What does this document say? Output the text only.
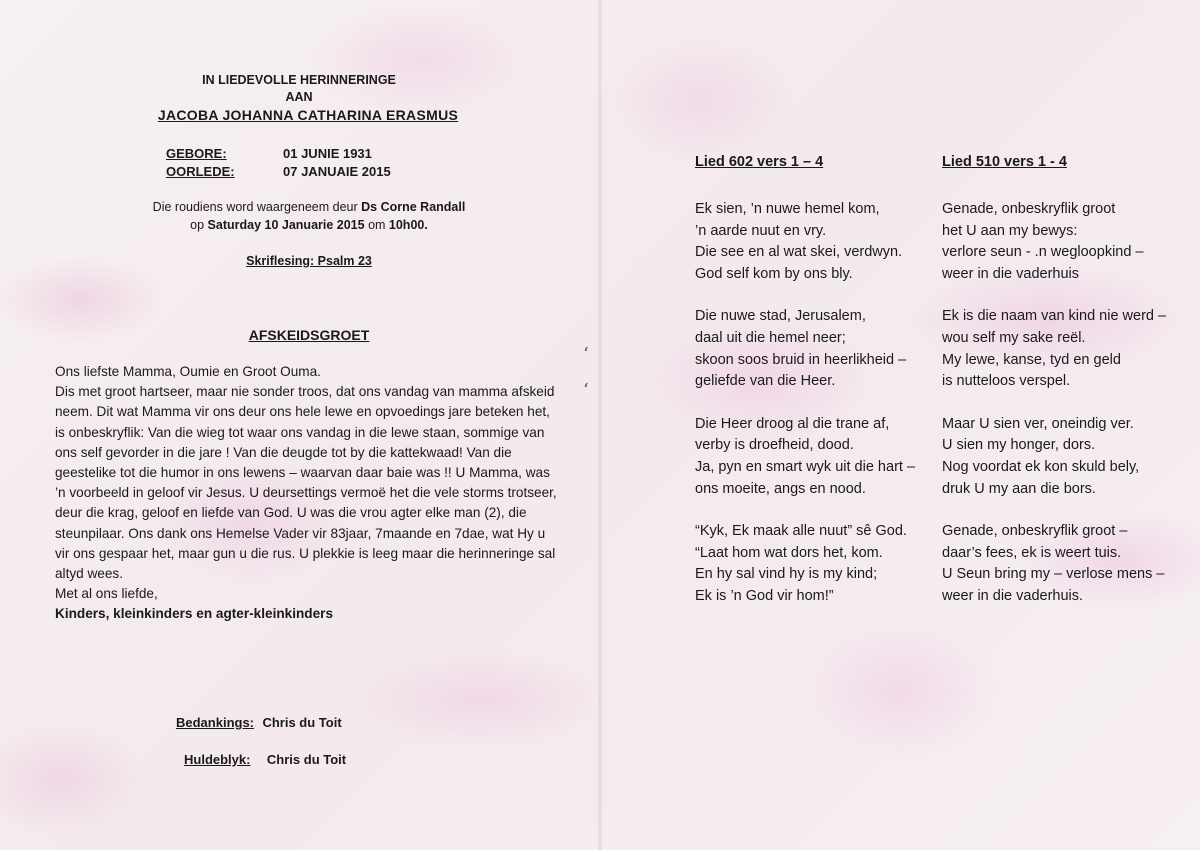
IN LIEDEVOLLE HERINNERINGE
AAN
JACOBA JOHANNA CATHARINA ERASMUS
GEBORE:	01 JUNIE 1931
OORLEDE:	07 JANUAIE 2015
Die roudiens word waargeneem deur Ds Corne Randall
op Saturday 10 Januarie 2015 om 10h00.
Skriflesing: Psalm 23
AFSKEIDSGROET

Ons liefste Mamma, Oumie en Groot Ouma.

Dis met groot hartseer, maar nie sonder troos, dat ons vandag van mamma afskeid

neem. Dit wat Mamma vir ons deur ons hele lewe en opvoedings jare beteken het,

is onbeskryflik: Van die wieg tot waar ons vandag in die lewe staan, sommige van

ons self gevorder in die jare ! Van die deugde tot by die kattekwaad! Van die

geestelike tot die humor in ons lewens – waarvan daar baie was !! U Mamma, was

’n voorbeeld in geloof vir Jesus. U deursettings vermoë het die vele storms trotseer,

deur die krag, geloof en liefde van God. U was die vrou agter elke man (2), die

steunpilaar. Ons dank ons Hemelse Vader vir 83jaar, 7maande en 7dae, wat Hy u

vir ons gespaar het, maar gun u die rus. U plekkie is leeg maar die herinneringe sal

altyd wees.

Met al ons liefde,

Kinders, kleinkinders en agter-kleinkinders

Bedankings: Chris du Toit
Huldeblyk: Chris du Toit
‘
‘
Lied 602 vers 1 – 4
Ek sien, ’n nuwe hemel kom,
’n aarde nuut en vry.
Die see en al wat skei, verdwyn.
God self kom by ons bly.
Die nuwe stad, Jerusalem,
daal uit die hemel neer;
skoon soos bruid in heerlikheid –
geliefde van die Heer.
Die Heer droog al die trane af,
verby is droefheid, dood.
Ja, pyn en smart wyk uit die hart –
ons moeite, angs en nood.
“Kyk, Ek maak alle nuut” sê God.
“Laat hom wat dors het, kom.
En hy sal vind hy is my kind;
Ek is ’n God vir hom!”
Lied 510 vers 1 - 4
Genade, onbeskryflik groot
het U aan my bewys:
verlore seun - .n wegloopkind –
weer in die vaderhuis
Ek is die naam van kind nie werd –
wou self my sake reël.
My lewe, kanse, tyd en geld
is nutteloos verspel.
Maar U sien ver, oneindig ver.
U sien my honger, dors.
Nog voordat ek kon skuld bely,
druk U my aan die bors.
Genade, onbeskryflik groot –
daar’s fees, ek is weert tuis.
U Seun bring my – verlose mens –
weer in die vaderhuis.
